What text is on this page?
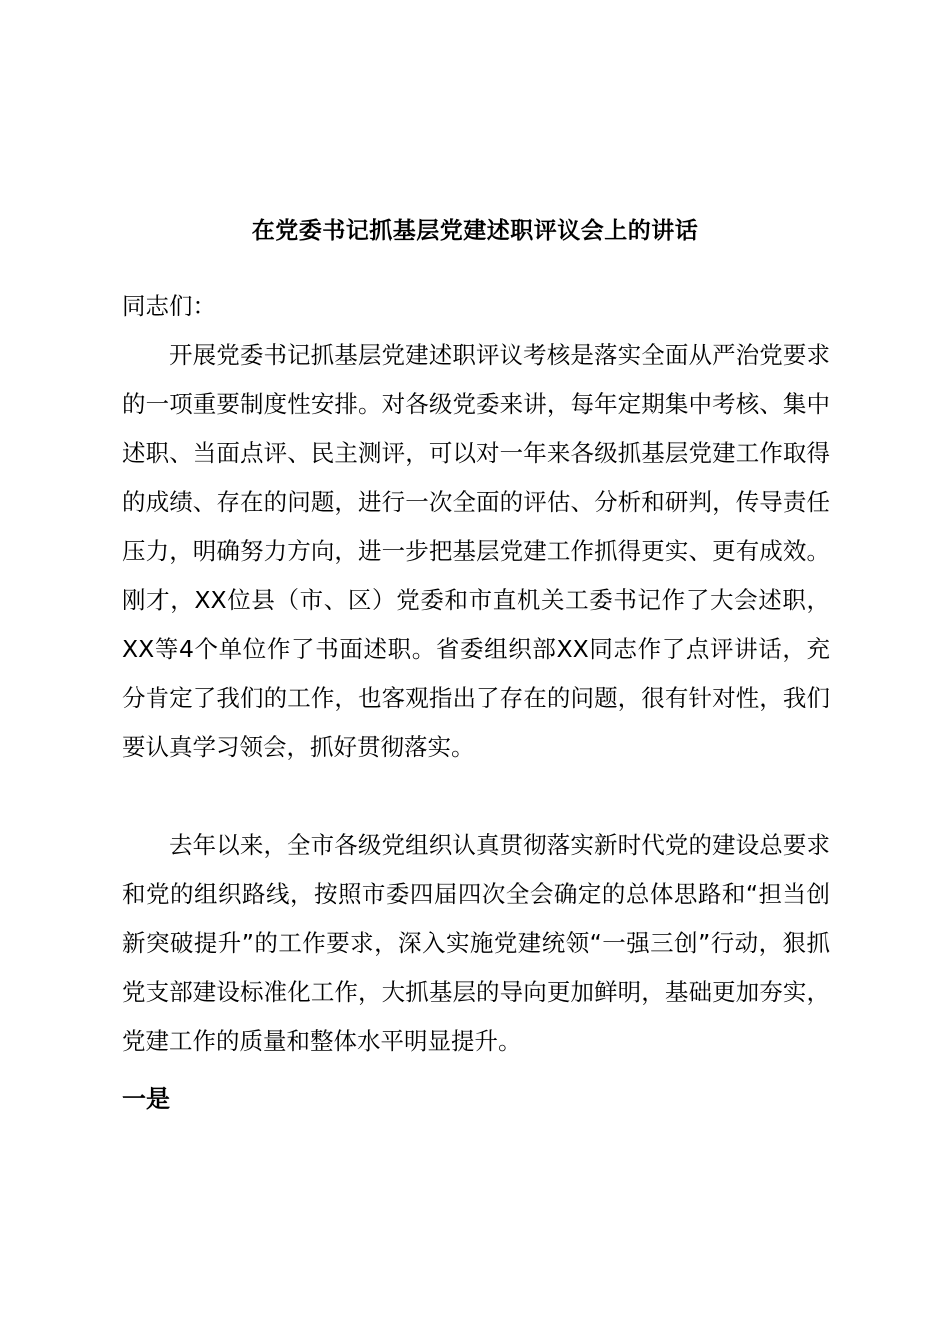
在党委书记抓基层党建述职评议会上的讲话
同志们：
开展党委书记抓基层党建述职评议考核是落实全面从严治党要求的一项重要制度性安排。对各级党委来讲，每年定期集中考核、集中述职、当面点评、民主测评，可以对一年来各级抓基层党建工作取得的成绩、存在的问题，进行一次全面的评估、分析和研判，传导责任压力，明确努力方向，进一步把基层党建工作抓得更实、更有成效。刚才，XX位县（市、区）党委和市直机关工委书记作了大会述职，XX等4个单位作了书面述职。省委组织部XX同志作了点评讲话，充分肯定了我们的工作，也客观指出了存在的问题，很有针对性，我们要认真学习领会，抓好贯彻落实。
去年以来，全市各级党组织认真贯彻落实新时代党的建设总要求和党的组织路线，按照市委四届四次全会确定的总体思路和“担当创新突破提升”的工作要求，深入实施党建统领“一强三创”行动，狠抓党支部建设标准化工作，大抓基层的导向更加鲜明，基础更加夯实，党建工作的质量和整体水平明显提升。
一是
